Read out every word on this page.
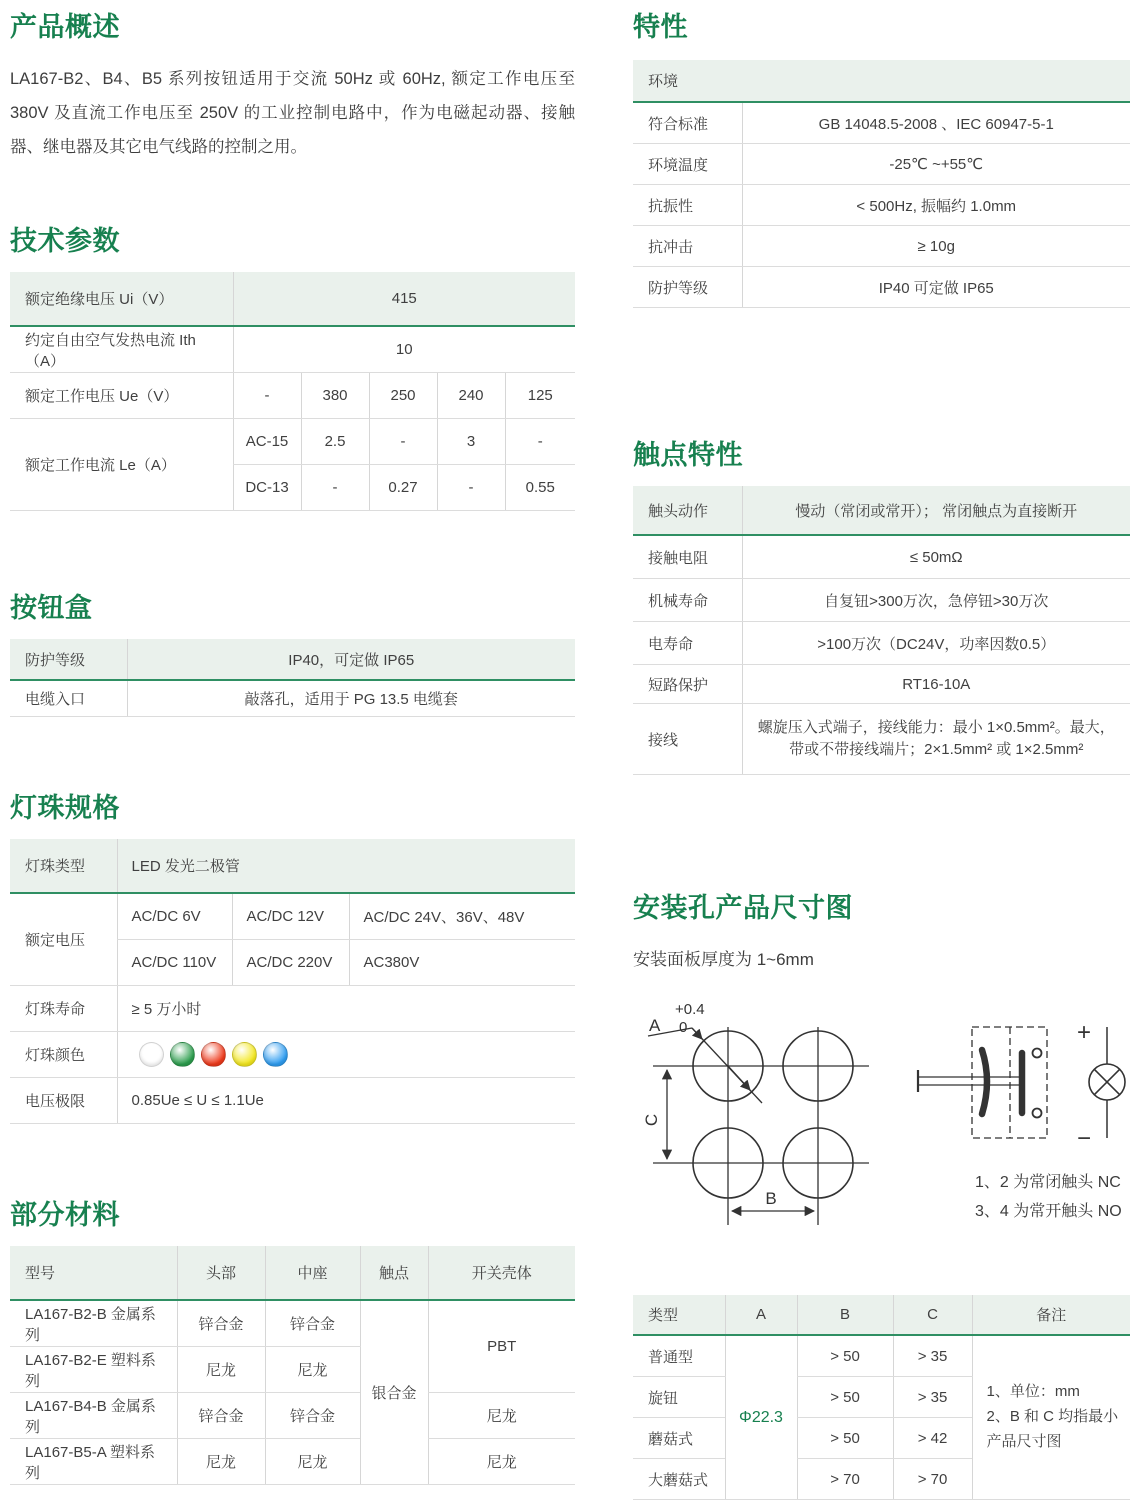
产品概述
LA167-B2、B4、B5 系列按钮适用于交流 50Hz 或 60Hz, 额定工作电压至 380V 及直流工作电压至 250V 的工业控制电路中，作为电磁起动器、接触器、继电器及其它电气线路的控制之用。
技术参数
额定绝缘电压 Ui（V）	415				
约定自由空气发热电流 Ith（A）	10				
额定工作电压 Ue（V）	-	380	250	240	125
额定工作电流 Le（A）	AC-15	2.5	-	3	-
	DC-13	-	0.27	-	0.55
按钮盒
防护等级	IP40，可定做 IP65
电缆入口	敲落孔，适用于 PG 13.5 电缆套
灯珠规格
灯珠类型	LED 发光二极管		
额定电压	AC/DC 6V	AC/DC 12V	AC/DC 24V、36V、48V
	AC/DC 110V	AC/DC 220V	AC380V
灯珠寿命	≥ 5 万小时		
灯珠颜色			

电压极限	0.85Ue ≤ U ≤ 1.1Ue		
部分材料
型号	头部	中座	触点	开关壳体
LA167-B2-B 金属系列	锌合金	锌合金	银合金	PBT
LA167-B2-E 塑料系列	尼龙	尼龙		
LA167-B4-B 金属系列	锌合金	锌合金		尼龙
LA167-B5-A 塑料系列	尼龙	尼龙		尼龙
特性
环境	
符合标准	GB 14048.5-2008 、IEC 60947-5-1
环境温度	-25℃ ~+55℃
抗振性	< 500Hz, 振幅约 1.0mm
抗冲击	≥ 10g
防护等级	IP40 可定做 IP65
触点特性
触头动作	慢动（常闭或常开）； 常闭触点为直接断开
接触电阻	≤ 50mΩ
机械寿命	自复钮>300万次，急停钮>30万次
电寿命	>100万次（DC24V，功率因数0.5）
短路保护	RT16-10A
接线	螺旋压入式端子，接线能力：最小 1×0.5mm²。最大，带或不带接线端片；2×1.5mm² 或 1×2.5mm²
安装孔产品尺寸图
安装面板厚度为 1~6mm
A
+0.4
0
C
B
+
−
1、2 为常闭触头 NC
3、4 为常开触头 NO
类型	A	B	C	备注
普通型	Φ22.3	> 50	> 35	1、单位：mm
2、B 和 C 均指最小产品尺寸图

旋钮		> 50	> 35	
蘑菇式		> 50	> 42	
大蘑菇式		> 70	> 70	
